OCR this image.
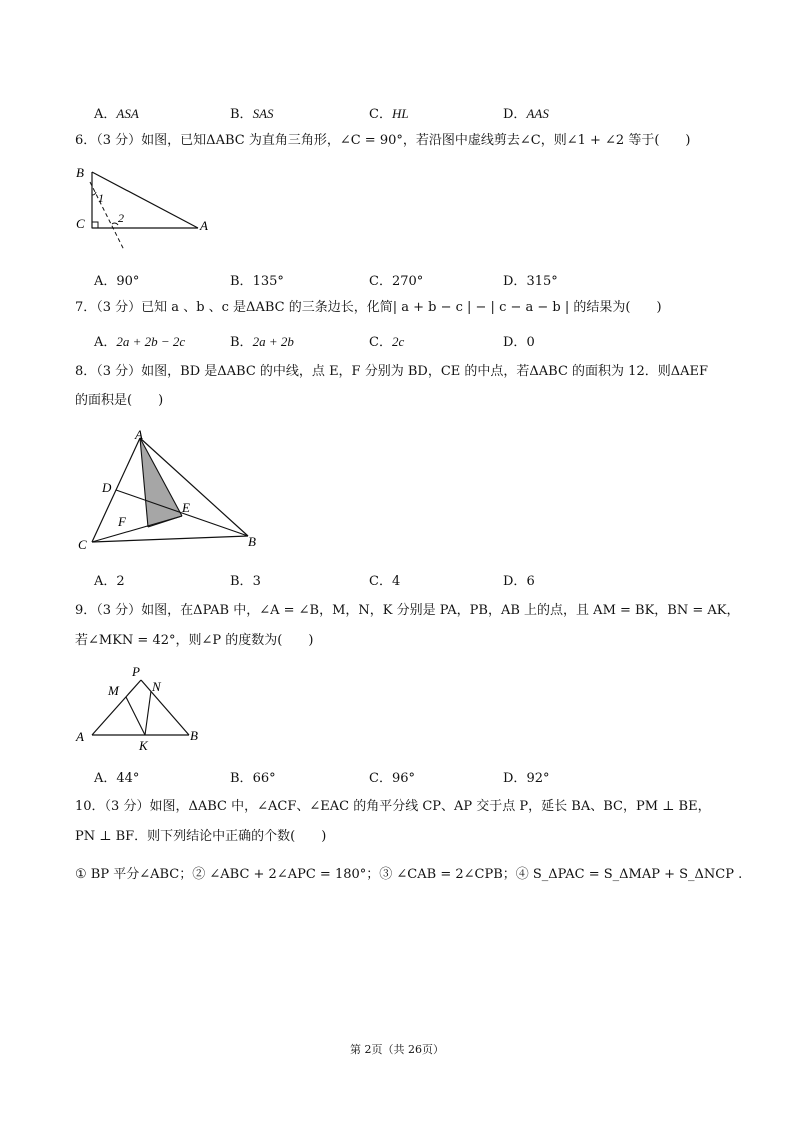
A．ASA	B．SAS	C．HL	D．AAS
6．（3 分）如图，已知ΔABC 为直角三角形，∠C = 90°，若沿图中虚线剪去∠C，则∠1 + ∠2 等于(　　)
B
C	A
1
2
A．90°	B．135°	C．270°	D．315°
7．（3 分）已知 a 、b 、c 是ΔABC 的三条边长，化简| a + b − c | − | c − a − b | 的结果为(　　)
A．2a + 2b − 2c	B．2a + 2b	C．2c	D．0
8．（3 分）如图，BD 是ΔABC 的中线，点 E，F 分别为 BD，CE 的中点，若ΔABC 的面积为 12．则ΔAEF
的面积是(　　)
A
D
E
F
C	B
A．2	B．3	C．4	D．6
9．（3 分）如图，在ΔPAB 中，∠A = ∠B，M，N，K 分别是 PA，PB，AB 上的点，且 AM = BK，BN = AK，
若∠MKN = 42°，则∠P 的度数为(　　)
P
M	N
A
K
B
A．44°	B．66°	C．96°	D．92°
10．（3 分）如图，ΔABC 中，∠ACF、∠EAC 的角平分线 CP、AP 交于点 P，延长 BA、BC，PM ⊥ BE，
PN ⊥ BF．则下列结论中正确的个数(　　)
① BP 平分∠ABC；② ∠ABC + 2∠APC = 180°；③ ∠CAB = 2∠CPB；④ S_ΔPAC = S_ΔMAP + S_ΔNCP .
第 2页（共 26页）
